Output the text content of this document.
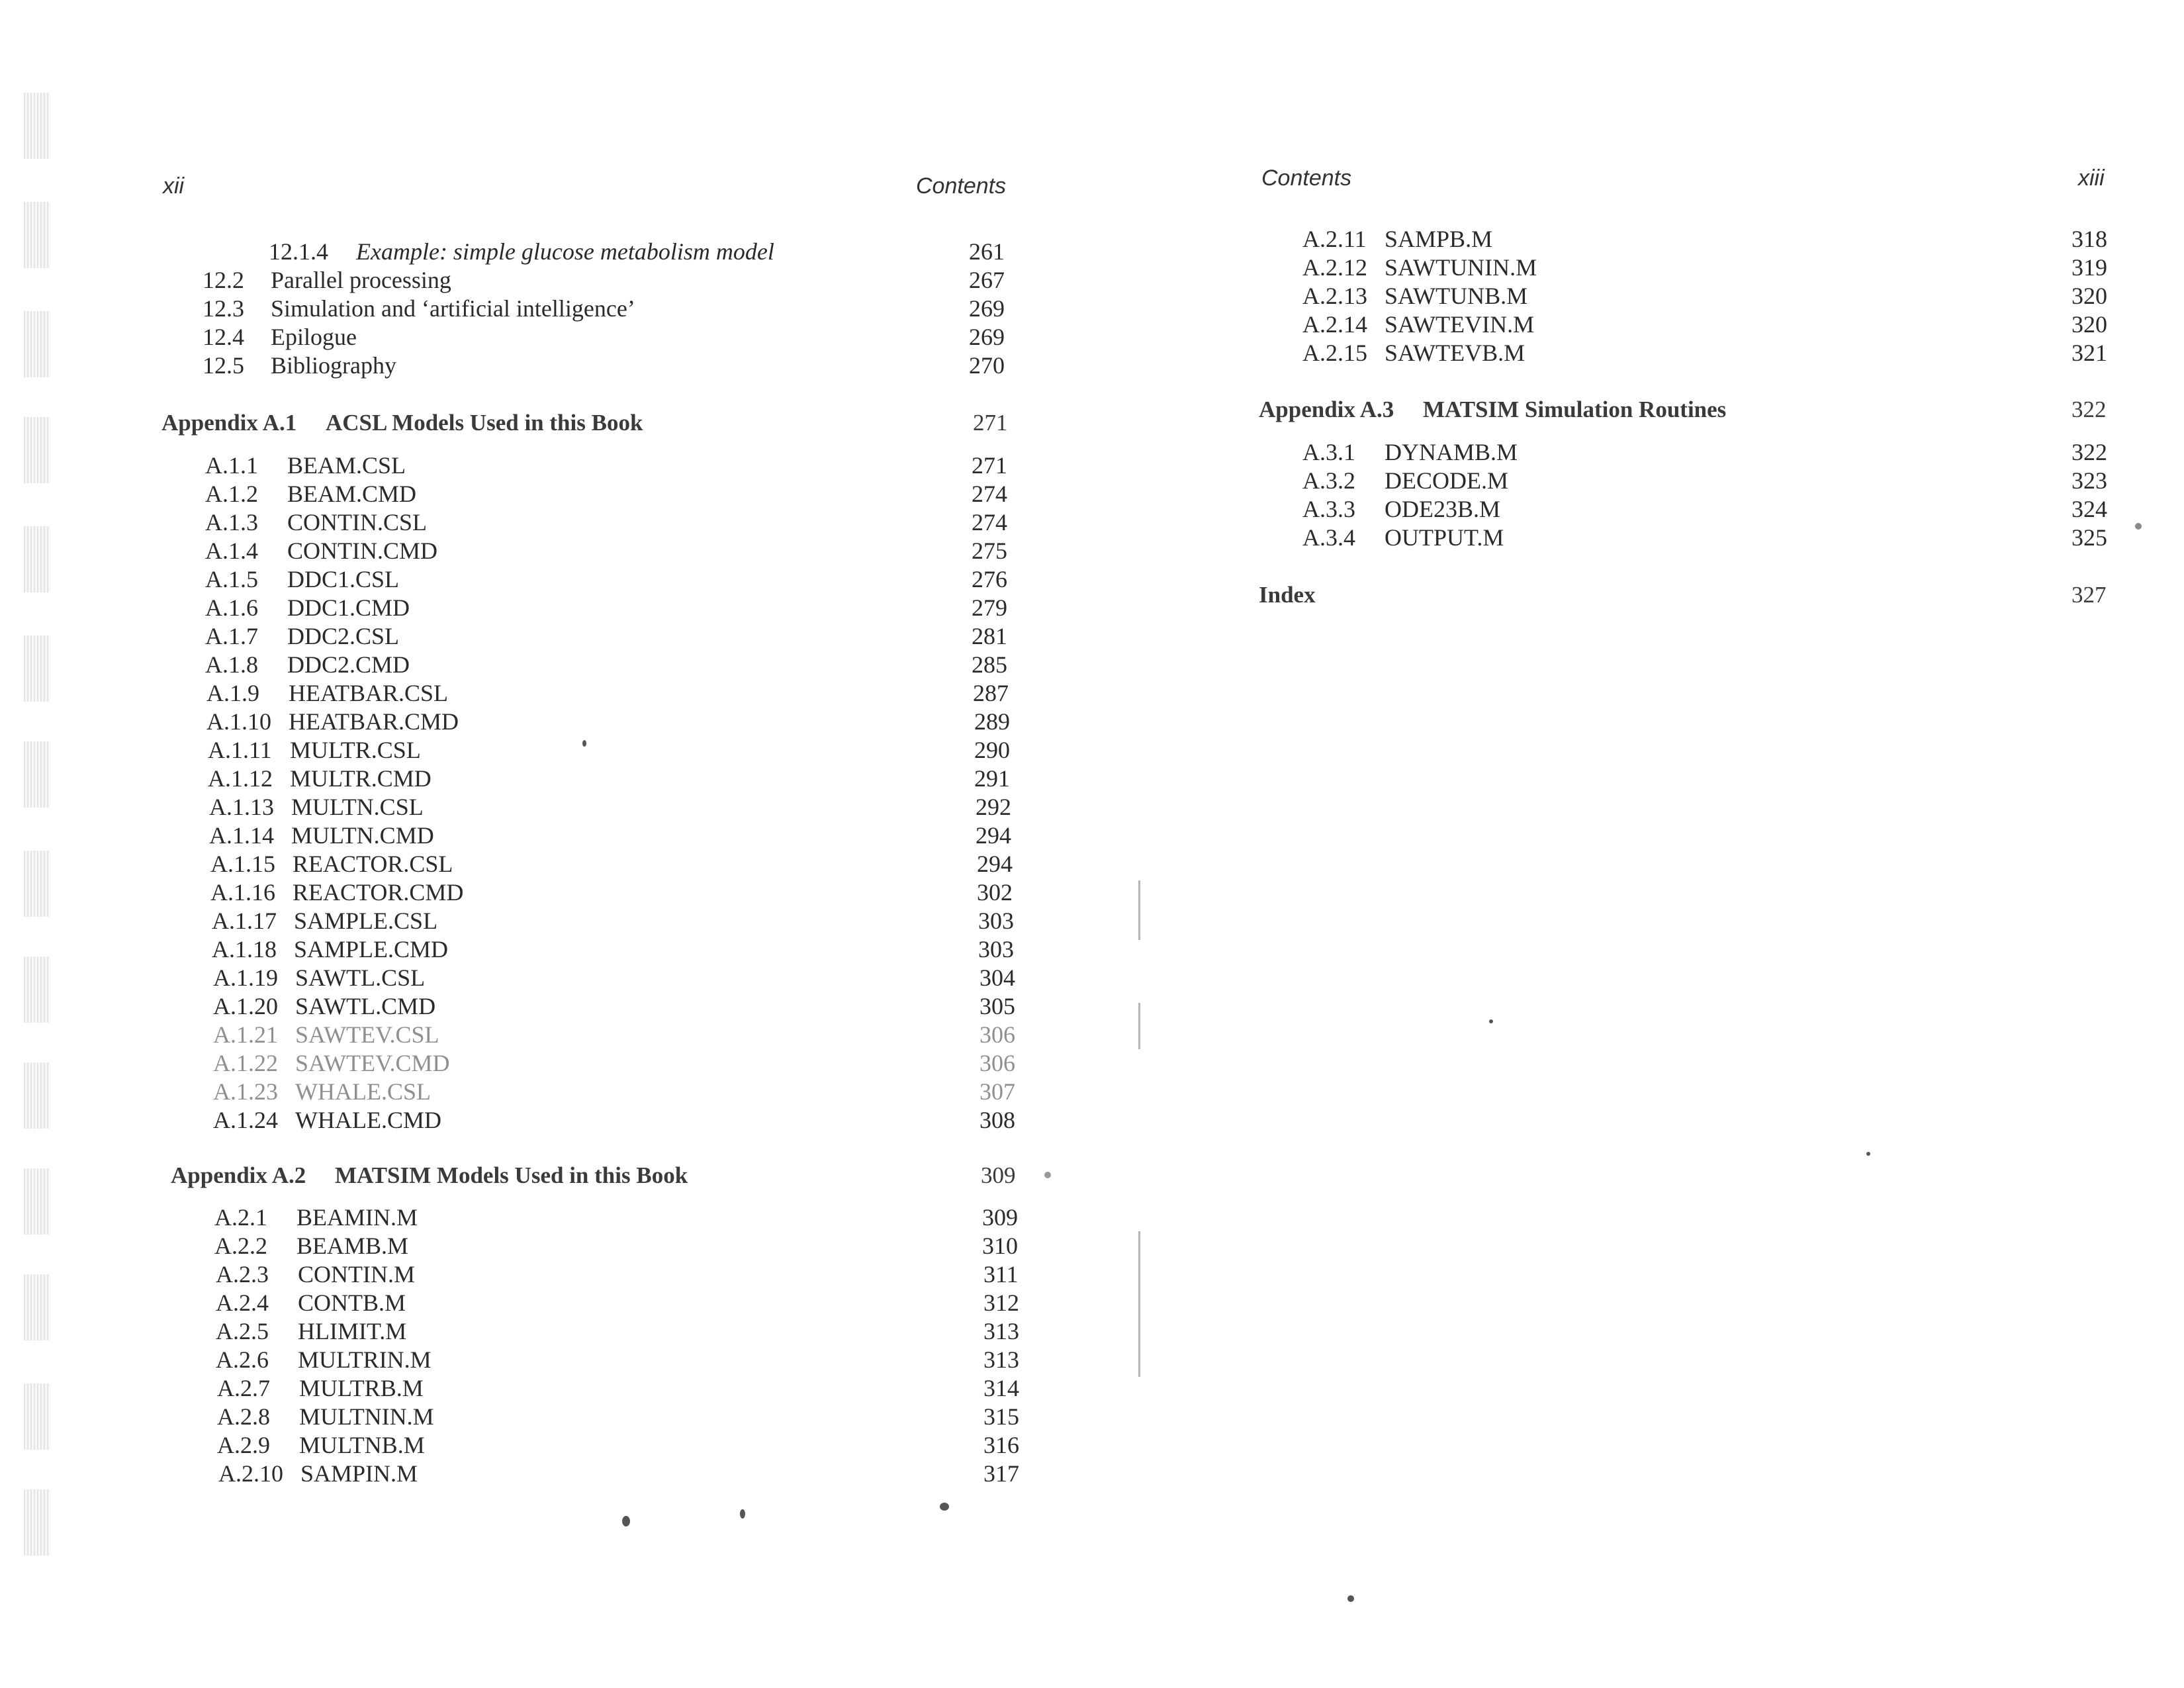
xii	Contents
12.1.4 Example: simple glucose metabolism model	261
12.2 Parallel processing	267
12.3 Simulation and ‘artificial intelligence’	269
12.4 Epilogue	269
12.5 Bibliography	270
Appendix A.1 ACSL Models Used in this Book	271
A.1.1 BEAM.CSL	271
A.1.2 BEAM.CMD	274
A.1.3 CONTIN.CSL	274
A.1.4 CONTIN.CMD	275
A.1.5 DDC1.CSL	276
A.1.6 DDC1.CMD	279
A.1.7 DDC2.CSL	281
A.1.8 DDC2.CMD	285
A.1.9 HEATBAR.CSL	287
A.1.10 HEATBAR.CMD	289
A.1.11 MULTR.CSL	290
A.1.12 MULTR.CMD	291
A.1.13 MULTN.CSL	292
A.1.14 MULTN.CMD	294
A.1.15 REACTOR.CSL	294
A.1.16 REACTOR.CMD	302
A.1.17 SAMPLE.CSL	303
A.1.18 SAMPLE.CMD	303
A.1.19 SAWTL.CSL	304
A.1.20 SAWTL.CMD	305
A.1.21 SAWTEV.CSL	306
A.1.22 SAWTEV.CMD	306
A.1.23 WHALE.CSL	307
A.1.24 WHALE.CMD	308
Appendix A.2 MATSIM Models Used in this Book	309
A.2.1 BEAMIN.M	309
A.2.2 BEAMB.M	310
A.2.3 CONTIN.M	311
A.2.4 CONTB.M	312
A.2.5 HLIMIT.M	313
A.2.6 MULTRIN.M	313
A.2.7 MULTRB.M	314
A.2.8 MULTNIN.M	315
A.2.9 MULTNB.M	316
A.2.10 SAMPIN.M	317
Contents	xiii
A.2.11 SAMPB.M	318
A.2.12 SAWTUNIN.M	319
A.2.13 SAWTUNB.M	320
A.2.14 SAWTEVIN.M	320
A.2.15 SAWTEVB.M	321
Appendix A.3 MATSIM Simulation Routines	322
A.3.1 DYNAMB.M	322
A.3.2 DECODE.M	323
A.3.3 ODE23B.M	324
A.3.4 OUTPUT.M	325
Index	327
